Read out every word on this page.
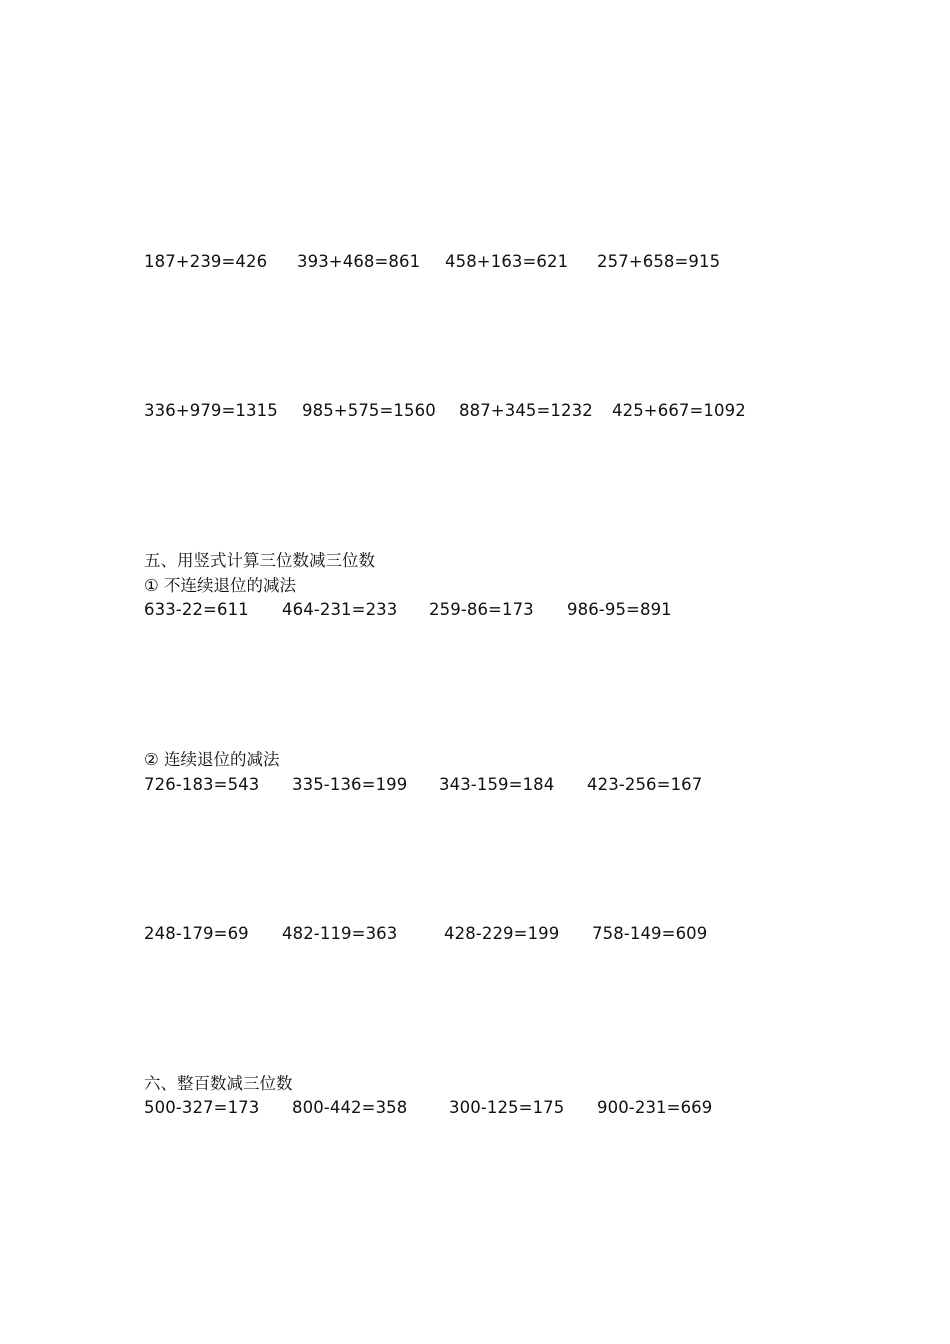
187+239=426 393+468=861 458+163=621 257+658=915
336+979=1315 985+575=1560 887+345=1232 425+667=1092
五、用竖式计算三位数减三位数
① 不连续退位的减法
633-22=611 464-231=233 259-86=173 986-95=891
② 连续退位的减法
726-183=543 335-136=199 343-159=184 423-256=167
248-179=69 482-119=363	428-229=199 758-149=609
六、整百数减三位数
500-327=173 800-442=358	300-125=175 900-231=669
